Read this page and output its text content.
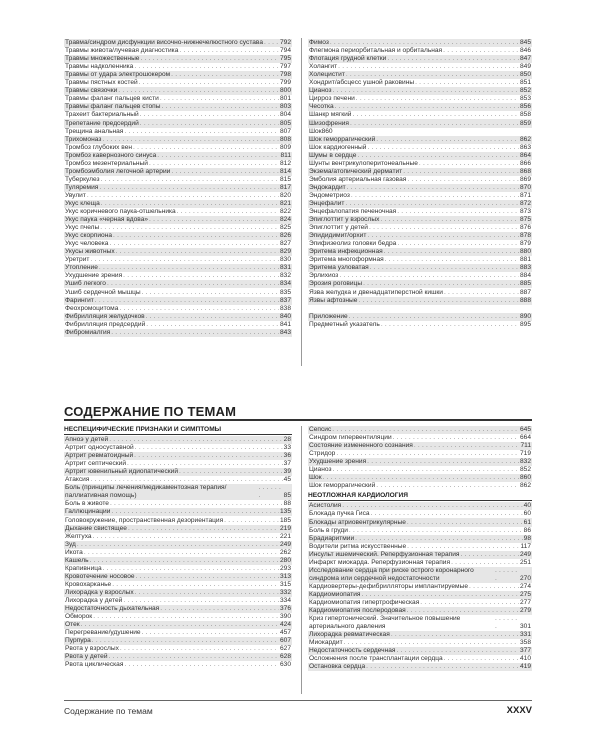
Травма/синдром дисфункции височно-нижнечелюстного сустава . . .	792
Травмы живота/лучевая диагностика . . .	794
Травмы множественные . . .	795
Травмы надколенника . . .	797
Травмы от удара электрошокером . . .	798
Травмы пястных костей . . .	799
Травмы связочки . . .	800
Травмы фаланг пальцев кисти . . .	801
Травмы фаланг пальцев стопы . . .	803
Трахеит бактериальный . . .	804
Трепетание предсердий . . .	805
Трещина анальная . . .	807
Трихомоназ . . .	808
Тромбоз глубоких вен . . .	809
Тромбоз кавернозного синуса . . .	811
Тромбоз мезентериальный . . .	812
Тромбоэмболия легочной артерии . . .	814
Туберкулез . . .	815
Туляремия . . .	817
Увулит . . .	820
Укус клеща . . .	821
Укус коричневого паука-отшельника . . .	822
Укус паука «черная вдова» . . .	824
Укус пчелы . . .	825
Укус скорпиона . . .	826
Укус человека . . .	827
Укусы животных . . .	829
Уретрит . . .	830
Утопление . . .	831
Ухудшение зрения . . .	832
Ушиб легкого . . .	834
Ушиб сердечной мышцы . . .	835
Фарингит . . .	837
Феохромоцитома . . .	838
Фибрилляция желудочков . . .	840
Фибрилляция предсердий . . .	841
Фибромиалгия . . .	843
Фимоз . . .	845
Флегмона периорбитальная и орбитальная . . .	846
Флотация грудной клетки . . .	847
Холангит . . .	849
Холецистит . . .	850
Хондрит/абсцесс ушной раковины . . .	851
Цианоз . . .	852
Цирроз печени . . .	853
Чесотка . . .	856
Шанкр мягкий . . .	858
Шизофрения . . .	859
Шок860
Шок геморрагический . . .	862
Шок кардиогенный . . .	863
Шумы в сердце . . .	864
Шунты вентрикулоперитонеальные . . .	866
Экзема/атопический дерматит . . .	868
Эмболия артериальная газовая . . .	869
Эндокардит . . .	870
Эндометриоз . . .	871
Энцефалит . . .	872
Энцефалопатия печеночная . . .	873
Эпиглоттит у взрослых . . .	875
Эпиглоттит у детей . . .	876
Эпидидимит/орхит . . .	878
Эпифизеолиз головки бедра . . .	879
Эритема инфекционная . . .	880
Эритема многоформная . . .	881
Эритема узловатая . . .	883
Эрлихиоз . . .	884
Эрозия роговицы . . .	885
Язва желудка и двенадцатиперстной кишки . . .	887
Язвы афтозные . . .	888
Приложение . . .	890
Предметный указатель . . .	895
СОДЕРЖАНИЕ ПО ТЕМАМ
НЕСПЕЦИФИЧЕСКИЕ ПРИЗНАКИ И СИМПТОМЫ
Апноэ у детей . . .	28
Артрит односуставной . . .	33
Артрит ревматоидный . . .	36
Артрит септический . . .	37
Артрит ювенильный идиопатический . . .	39
Атаксия . . .	45
Боль (принципы лечения/медикаментозная терапия/паллиативная помощь) . . .	85
Боль в животе . . .	88
Галлюцинации . . .	135
Головокружение, пространственная дезориентация . . .	185
Дыхание свистящее . . .	219
Желтуха . . .	221
Зуд . . .	249
Икота . . .	262
Кашель . . .	280
Крапивница . . .	293
Кровотечение носовое . . .	313
Кровохарканье . . .	315
Лихорадка у взрослых . . .	332
Лихорадка у детей . . .	334
Недостаточность дыхательная . . .	376
Обморок . . .	390
Отек . . .	424
Перегревание/удушение . . .	457
Пурпура . . .	607
Рвота у взрослых . . .	627
Рвота у детей . . .	628
Рвота циклическая . . .	630
Сепсис . . .	645
Синдром гипервентиляции . . .	664
Состояние измененного сознания . . .	711
Стридор . . .	719
Ухудшение зрения . . .	832
Цианоз . . .	852
Шок . . .	860
Шок геморрагический . . .	862
НЕОТЛОЖНАЯ КАРДИОЛОГИЯ
Асистолия . . .	40
Блокада пучка Гиса . . .	60
Блокады атриовентрикулярные . . .	61
Боль в груди . . .	86
Брадиаритмии . . .	98
Водители ритма искусственные . . .	117
Инсульт ишемический. Реперфузионная терапия . . .	249
Инфаркт миокарда. Реперфузионная терапия . . .	251
Исследование сердца при риске острого коронарного синдрома или сердечной недостаточности . . .	270
Кардиовертеры-дефибрилляторы имплантируемые . . .	274
Кардиомиопатия . . .	275
Кардиомиопатия гипертрофическая . . .	277
Кардиомиопатия послеродовая . . .	279
Криз гипертонический. Значительное повышение артериального давления . . .	301
Лихорадка ревматическая . . .	331
Миокардит . . .	358
Недостаточность сердечная . . .	377
Осложнения после трансплантации сердца . . .	410
Остановка сердца . . .	419
Содержание по темам	XXXV
